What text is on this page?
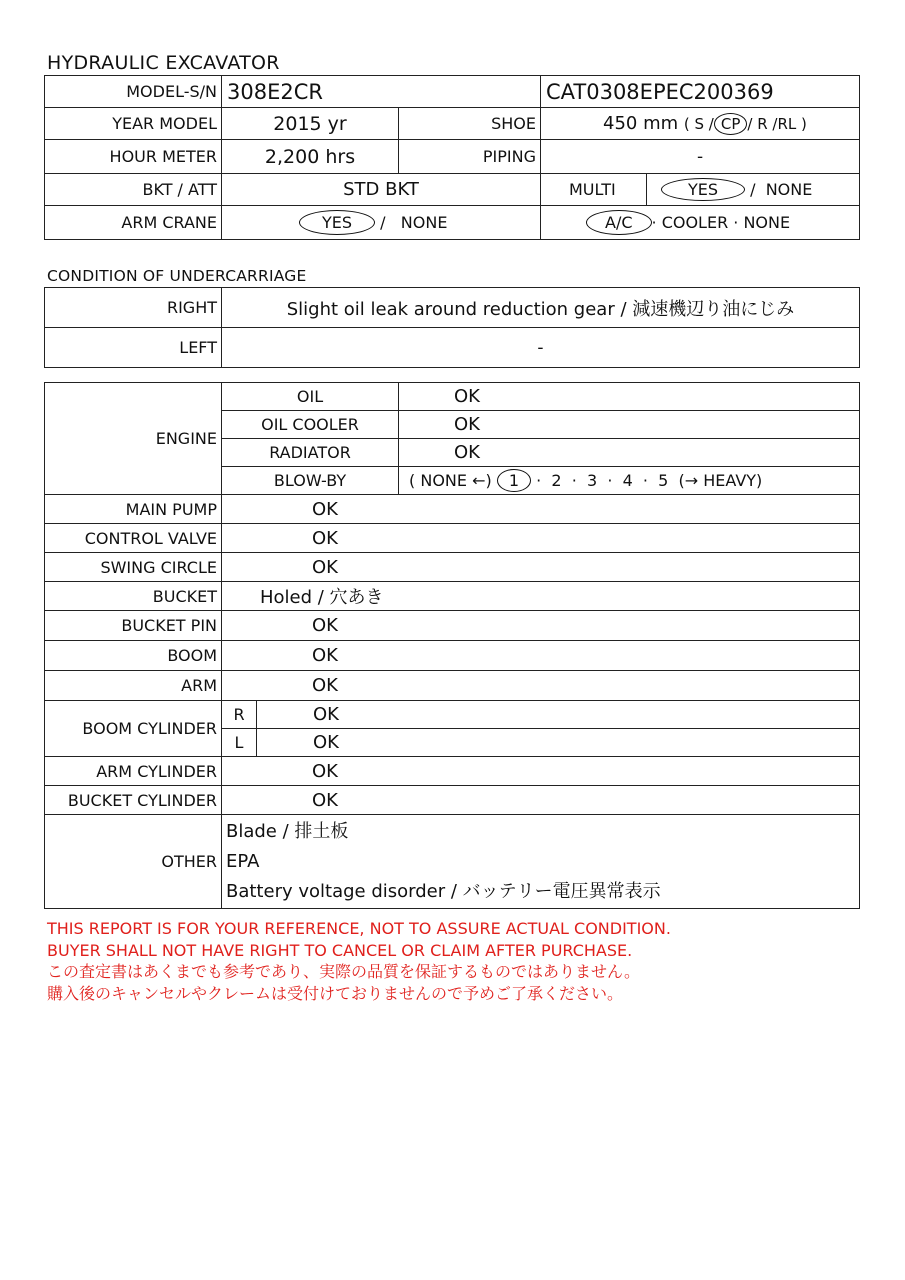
HYDRAULIC EXCAVATOR
MODEL-S/N	308E2CR		CAT0308EPEC200369	
YEAR MODEL	2015 yr	SHOE	450 mm ( S / CP / R /RL )	
HOUR METER	2,200 hrs	PIPING	-	
BKT / ATT	STD BKT		MULTI	YES / NONE
ARM CRANE	YES / NONE		A/C · COOLER · NONE	
CONDITION OF UNDERCARRIAGE
RIGHT	Slight oil leak around reduction gear / 減速機辺り油にじみ
LEFT	-
ENGINE	OIL		OK
	OIL COOLER		OK
	RADIATOR		OK
	BLOW-BY		( NONE ←) 1 ·  2  ·  3  ·  4  ·  5  (→ HEAVY)
MAIN PUMP	OK		
CONTROL VALVE	OK		
SWING CIRCLE	OK		
BUCKET	Holed / 穴あき		
BUCKET PIN	OK		
BOOM	OK		
ARM	OK		
BOOM CYLINDER	R	OK	
	L	OK	
ARM CYLINDER	OK		
BUCKET CYLINDER	OK		
OTHER	Blade / 排土板
EPA
Battery voltage disorder / バッテリー電圧異常表示		
THIS REPORT IS FOR YOUR REFERENCE, NOT TO ASSURE ACTUAL CONDITION.
BUYER SHALL NOT HAVE RIGHT TO CANCEL OR CLAIM AFTER PURCHASE.
この査定書はあくまでも参考であり、実際の品質を保証するものではありません。
購入後のキャンセルやクレームは受付けておりませんので予めご了承ください。
